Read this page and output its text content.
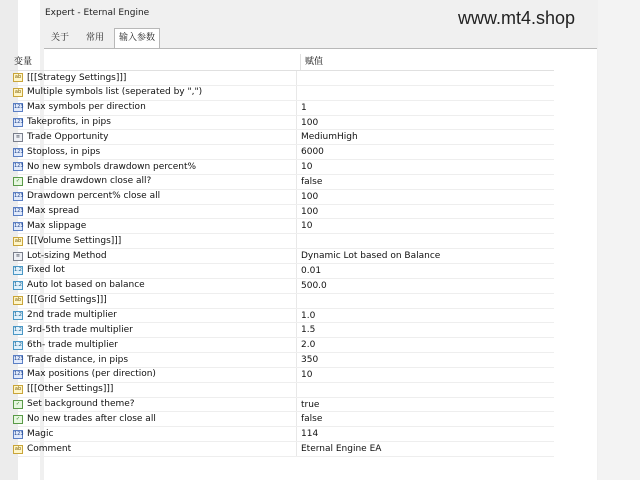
Expert - Eternal Engine
关于	常用	输入参数
www.mt4.shop
变量	赋值
ab [[[Strategy Settings]]]
ab Multiple symbols list (seperated by ",")
123 Max symbols per direction	1
123 Takeprofits, in pips	100
≡ Trade Opportunity	MediumHigh
123 Stoploss, in pips	6000
123 No new symbols drawdown percent%	10
✓ Enable drawdown close all?	false
123 Drawdown percent% close all	100
123 Max spread	100
123 Max slippage	10
ab [[[Volume Settings]]]
≡ Lot-sizing Method	Dynamic Lot based on Balance
1.2 Fixed lot	0.01
1.2 Auto lot based on balance	500.0
ab [[[Grid Settings]]]
1.2 2nd trade multiplier	1.0
1.2 3rd-5th trade multiplier	1.5
1.2 6th- trade multiplier	2.0
123 Trade distance, in pips	350
123 Max positions (per direction)	10
ab [[[Other Settings]]]
✓ Set background theme?	true
✓ No new trades after close all	false
123 Magic	114
ab Comment	Eternal Engine EA
